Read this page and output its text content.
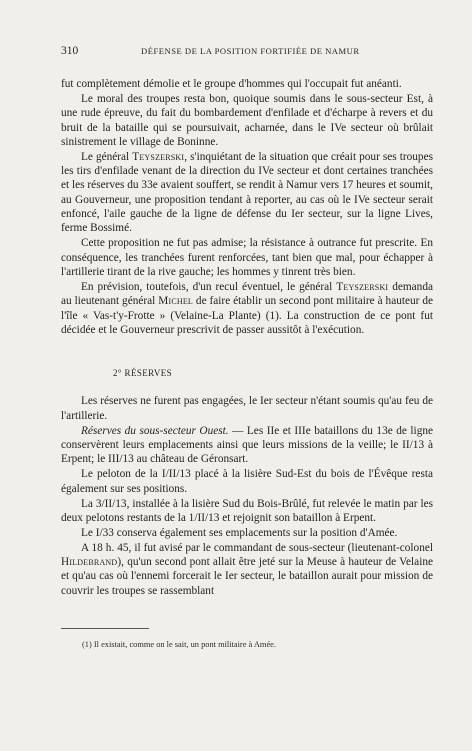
310	DÉFENSE DE LA POSITION FORTIFIÉE DE NAMUR

fut complètement démolie et le groupe d'hommes qui l'occupait fut anéanti.

Le moral des troupes resta bon, quoique soumis dans le sous-secteur Est, à une rude épreuve, du fait du bombardement d'enfilade et d'écharpe à revers et du bruit de la bataille qui se poursuivait, acharnée, dans le IVe secteur où brûlait sinistrement le village de Boninne.

Le général Teyszerski, s'inquiétant de la situation que créait pour ses troupes les tirs d'enfilade venant de la direction du IVe secteur et dont certaines tranchées et les réserves du 33e avaient souffert, se rendit à Namur vers 17 heures et soumit, au Gouverneur, une proposition tendant à reporter, au cas où le IVe secteur serait enfoncé, l'aile gauche de la ligne de défense du Ier secteur, sur la ligne Lives, ferme Bossimé.

Cette proposition ne fut pas admise; la résistance à outrance fut prescrite. En conséquence, les tranchées furent renforcées, tant bien que mal, pour échapper à l'artillerie tirant de la rive gauche; les hommes y tinrent très bien.

En prévision, toutefois, d'un recul éventuel, le général Teyszerski demanda au lieutenant général Michel de faire établir un second pont militaire à hauteur de l'île « Vas-t'y-Frotte » (Velaine-La Plante) (1). La construction de ce pont fut décidée et le Gouverneur prescrivit de passer aussitôt à l'exécution.

2° RÉSERVES

Les réserves ne furent pas engagées, le Ier secteur n'étant soumis qu'au feu de l'artillerie.

Réserves du sous-secteur Ouest. — Les IIe et IIIe bataillons du 13e de ligne conservèrent leurs emplacements ainsi que leurs missions de la veille; le II/13 à Erpent; le III/13 au château de Géronsart.

Le peloton de la I/II/13 placé à la lisière Sud-Est du bois de l'Évêque resta également sur ses positions.

La 3/II/13, installée à la lisière Sud du Bois-Brûlé, fut relevée le matin par les deux pelotons restants de la 1/II/13 et rejoignit son bataillon à Erpent.

Le I/33 conserva également ses emplacements sur la position d'Amée.

A 18 h. 45, il fut avisé par le commandant de sous-secteur (lieutenant-colonel Hildebrand), qu'un second pont allait être jeté sur la Meuse à hauteur de Velaine et qu'au cas où l'ennemi forcerait le Ier secteur, le bataillon aurait pour mission de couvrir les troupes se rassemblant

(1) Il existait, comme on le sait, un pont militaire à Amée.
